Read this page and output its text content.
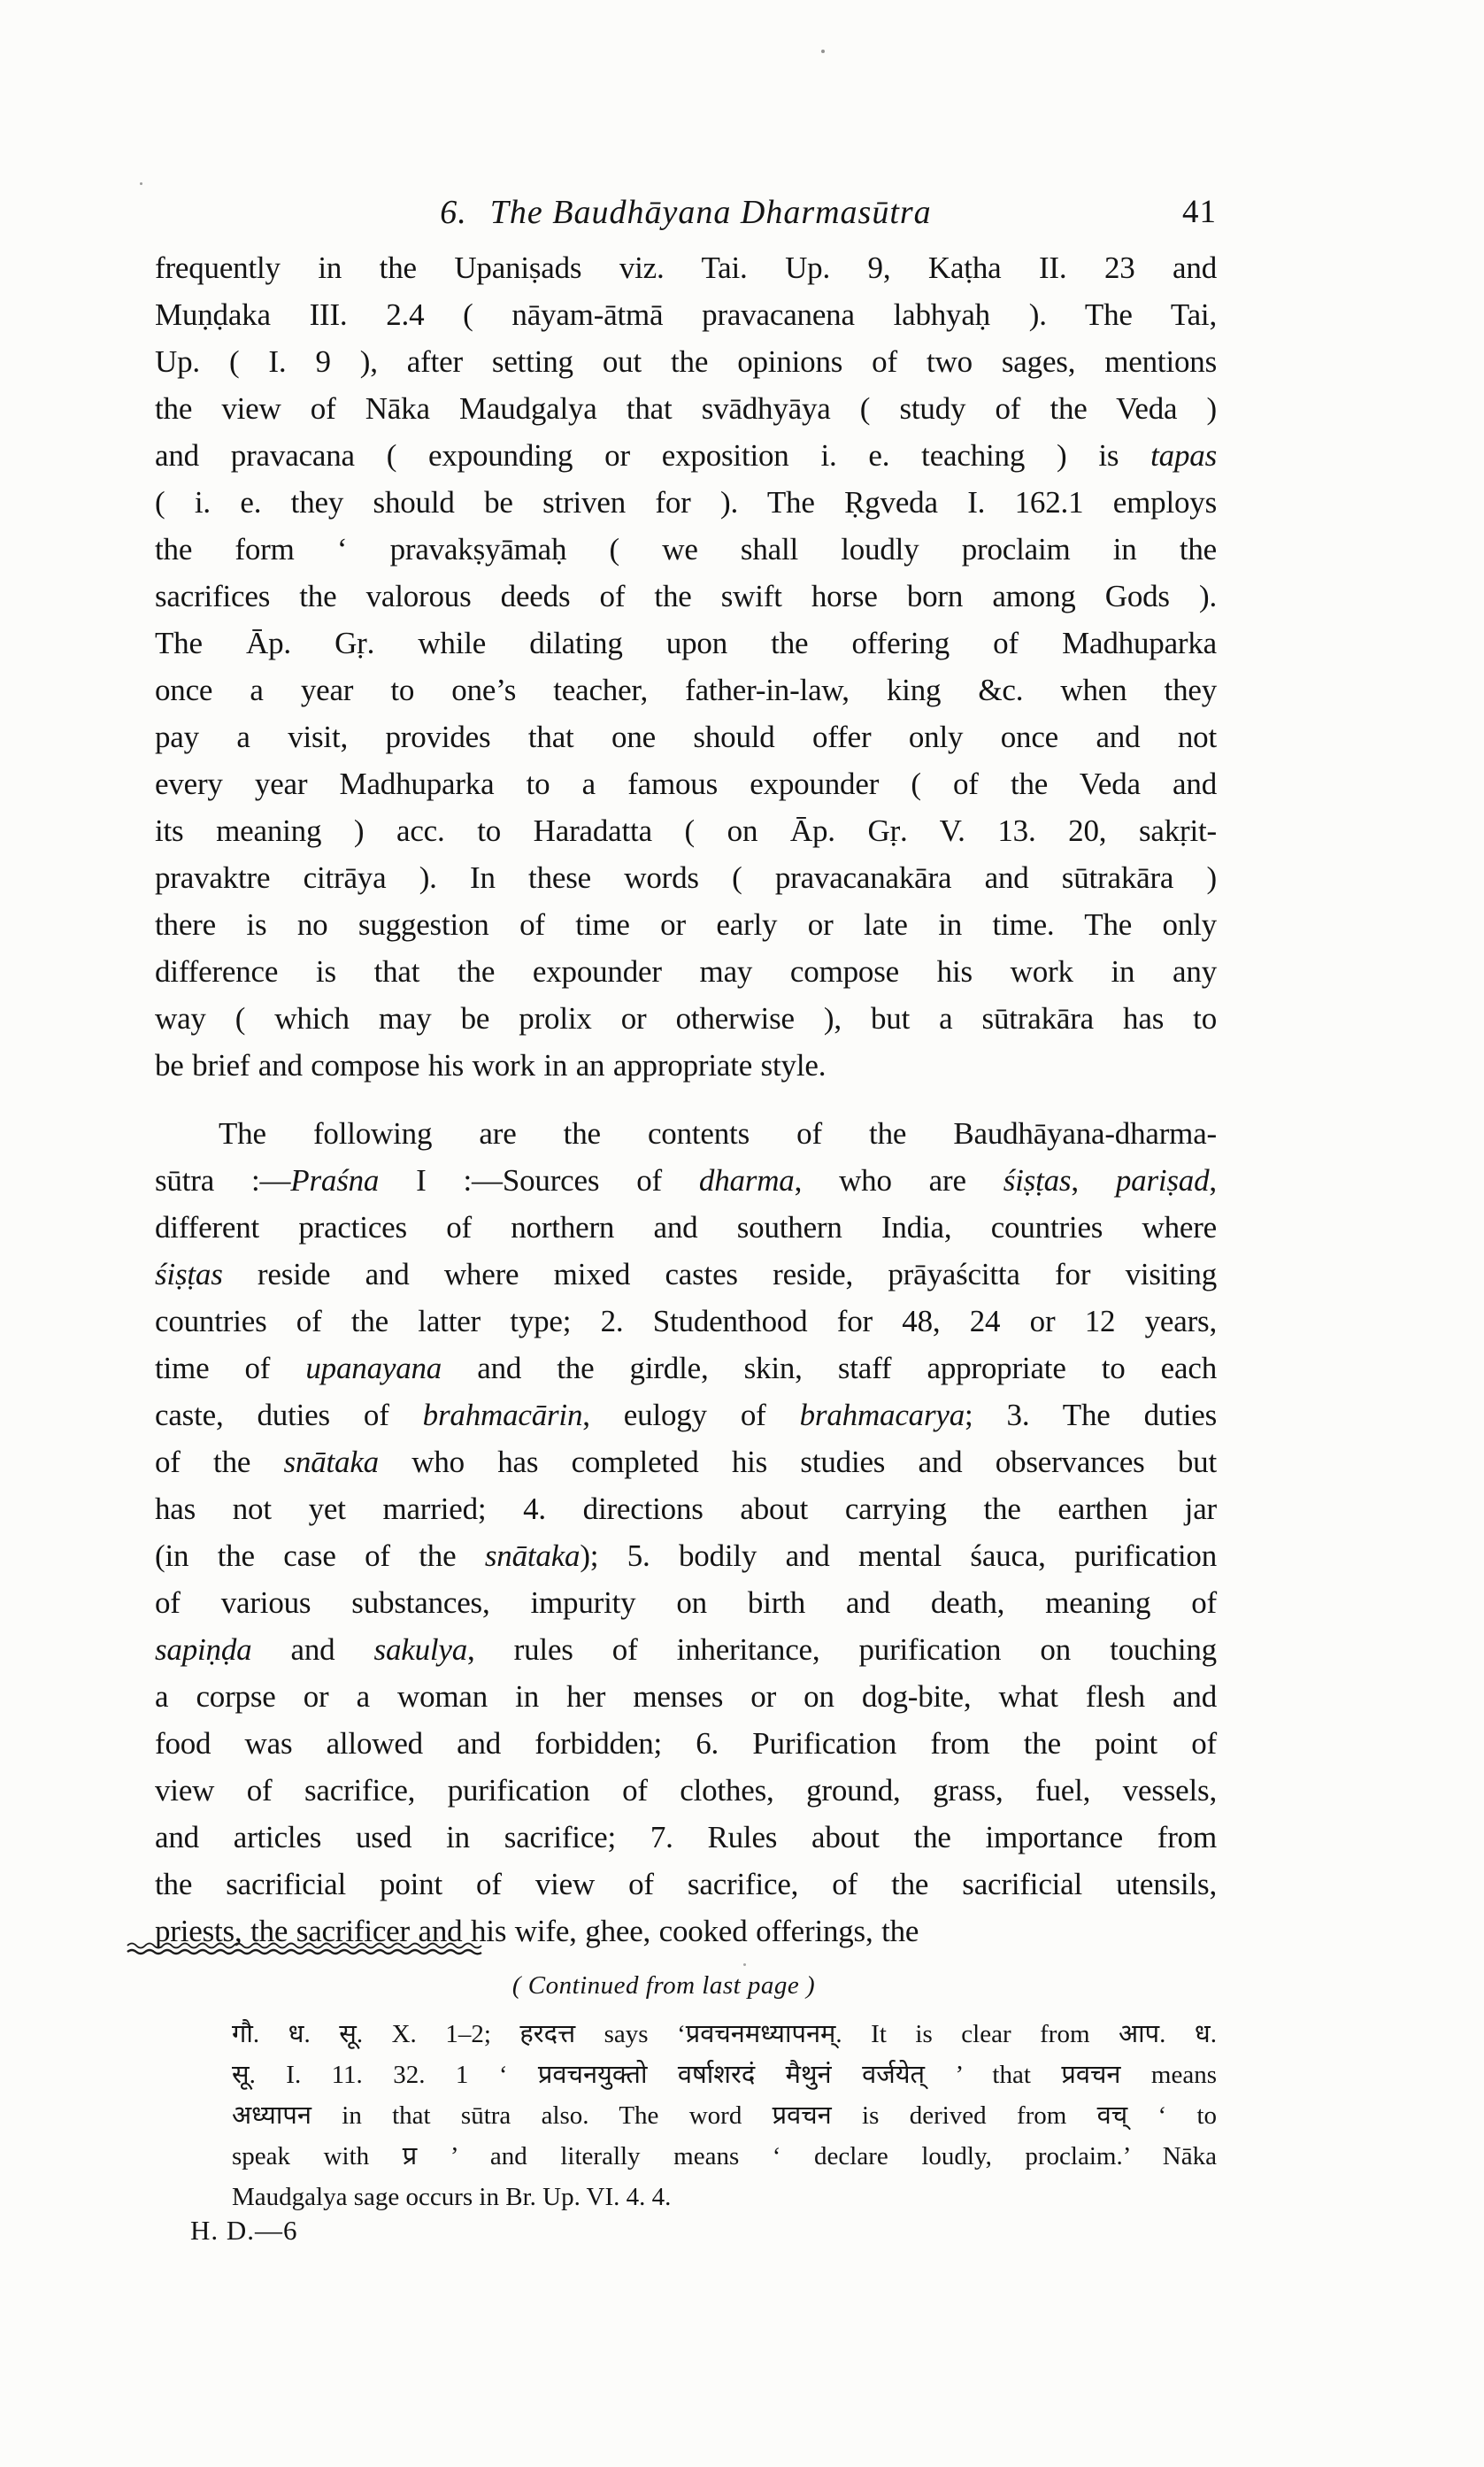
6. The Baudhāyana Dharmasūtra	41
frequently in the Upaniṣads viz. Tai. Up. 9, Kaṭha II. 23 and
Muṇḍaka III. 2.4 ( nāyam-ātmā pravacanena labhyaḥ ). The Tai,
Up. ( I. 9 ), after setting out the opinions of two sages, mentions
the view of Nāka Maudgalya that svādhyāya ( study of the Veda )
and pravacana ( expounding or exposition i. e. teaching ) is tapas
( i. e. they should be striven for ). The Ṛgveda I. 162.1 employs
the form ‘ pravakṣyāmaḥ ( we shall loudly proclaim in the
sacrifices the valorous deeds of the swift horse born among Gods ).
The Āp. Gṛ. while dilating upon the offering of Madhuparka
once a year to one’s teacher, father-in-law, king &c. when they
pay a visit, provides that one should offer only once and not
every year Madhuparka to a famous expounder ( of the Veda and
its meaning ) acc. to Haradatta ( on Āp. Gṛ. V. 13. 20, sakṛit-
pravaktre citrāya ). In these words ( pravacanakāra and sūtrakāra )
there is no suggestion of time or early or late in time. The only
difference is that the expounder may compose his work in any
way ( which may be prolix or otherwise ), but a sūtrakāra has to
be brief and compose his work in an appropriate style.
The following are the contents of the Baudhāyana-dharma-
sūtra :—Praśna I :—Sources of dharma, who are śiṣṭas, pariṣad,
different practices of northern and southern India, countries where
śiṣṭas reside and where mixed castes reside, prāyaścitta for visiting
countries of the latter type; 2. Studenthood for 48, 24 or 12 years,
time of upanayana and the girdle, skin, staff appropriate to each
caste, duties of brahmacārin, eulogy of brahmacarya; 3. The duties
of the snātaka who has completed his studies and observances but
has not yet married; 4. directions about carrying the earthen jar
(in the case of the snātaka); 5. bodily and mental śauca, purification
of various substances, impurity on birth and death, meaning of
sapiṇḍa and sakulya, rules of inheritance, purification on touching
a corpse or a woman in her menses or on dog-bite, what flesh and
food was allowed and forbidden; 6. Purification from the point of
view of sacrifice, purification of clothes, ground, grass, fuel, vessels,
and articles used in sacrifice; 7. Rules about the importance from
the sacrificial point of view of sacrifice, of the sacrificial utensils,
priests, the sacrificer and his wife, ghee, cooked offerings, the
( Continued from last page )
गौ. ध. सू. X. 1–2; हरदत्त says ‘प्रवचनमध्यापनम्. It is clear from आप. ध.
सू. I. 11. 32. 1 ‘ प्रवचनयुक्तो वर्षाशरदं मैथुनं वर्जयेत् ’ that प्रवचन means
अध्यापन in that sūtra also. The word प्रवचन is derived from वच् ‘ to
speak with प्र ’ and literally means ‘ declare loudly, proclaim.’ Nāka
Maudgalya sage occurs in Br. Up. VI. 4. 4.
H. D.—6
